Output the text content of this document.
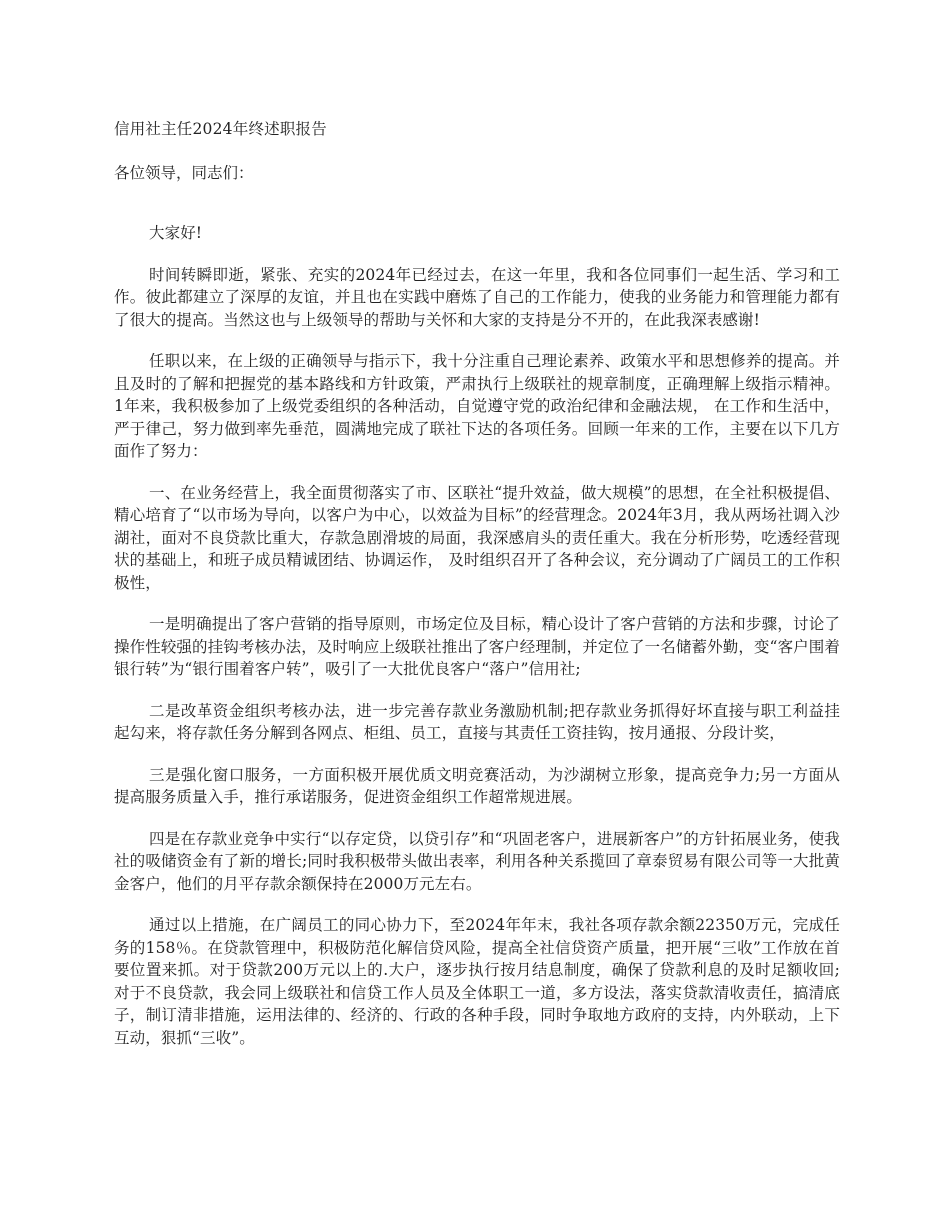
信用社主任2024年终述职报告

各位领导，同志们：

大家好!

时间转瞬即逝，紧张、充实的2024年已经过去，在这一年里，我和各位同事们一起生活、学习和工作。彼此都建立了深厚的友谊，并且也在实践中磨炼了自己的工作能力，使我的业务能力和管理能力都有了很大的提高。当然这也与上级领导的帮助与关怀和大家的支持是分不开的，在此我深表感谢!

任职以来，在上级的正确领导与指示下，我十分注重自己理论素养、政策水平和思想修养的提高。并且及时的了解和把握党的基本路线和方针政策，严肃执行上级联社的规章制度，正确理解上级指示精神。1年来，我积极参加了上级党委组织的各种活动，自觉遵守党的政治纪律和金融法规， 在工作和生活中，严于律己，努力做到率先垂范，圆满地完成了联社下达的各项任务。回顾一年来的工作，主要在以下几方面作了努力：

一、在业务经营上，我全面贯彻落实了市、区联社“提升效益，做大规模”的思想，在全社积极提倡、精心培育了“以市场为导向，以客户为中心，以效益为目标”的经营理念。2024年3月，我从两场社调入沙湖社，面对不良贷款比重大，存款急剧滑坡的局面，我深感肩头的责任重大。我在分析形势，吃透经营现状的基础上，和班子成员精诚团结、协调运作， 及时组织召开了各种会议，充分调动了广阔员工的工作积极性，

一是明确提出了客户营销的指导原则，市场定位及目标，精心设计了客户营销的方法和步骤，讨论了操作性较强的挂钩考核办法，及时响应上级联社推出了客户经理制，并定位了一名储蓄外勤，变“客户围着银行转”为“银行围着客户转”，吸引了一大批优良客户“落户”信用社;

二是改革资金组织考核办法，进一步完善存款业务激励机制;把存款业务抓得好坏直接与职工利益挂起勾来，将存款任务分解到各网点、柜组、员工，直接与其责任工资挂钩，按月通报、分段计奖，

三是强化窗口服务，一方面积极开展优质文明竞赛活动，为沙湖树立形象，提高竞争力;另一方面从提高服务质量入手，推行承诺服务，促进资金组织工作超常规进展。

四是在存款业竞争中实行“以存定贷，以贷引存”和“巩固老客户，进展新客户”的方针拓展业务，使我社的吸储资金有了新的增长;同时我积极带头做出表率，利用各种关系揽回了章泰贸易有限公司等一大批黄金客户，他们的月平存款余额保持在2000万元左右。

通过以上措施，在广阔员工的同心协力下，至2024年年末，我社各项存款余额22350万元，完成任务的158％。在贷款管理中，积极防范化解信贷风险，提高全社信贷资产质量，把开展“三收”工作放在首要位置来抓。对于贷款200万元以上的.大户，逐步执行按月结息制度，确保了贷款利息的及时足额收回;对于不良贷款，我会同上级联社和信贷工作人员及全体职工一道，多方设法，落实贷款清收责任，搞清底子，制订清非措施，运用法律的、经济的、行政的各种手段，同时争取地方政府的支持，内外联动，上下互动，狠抓“三收”。
